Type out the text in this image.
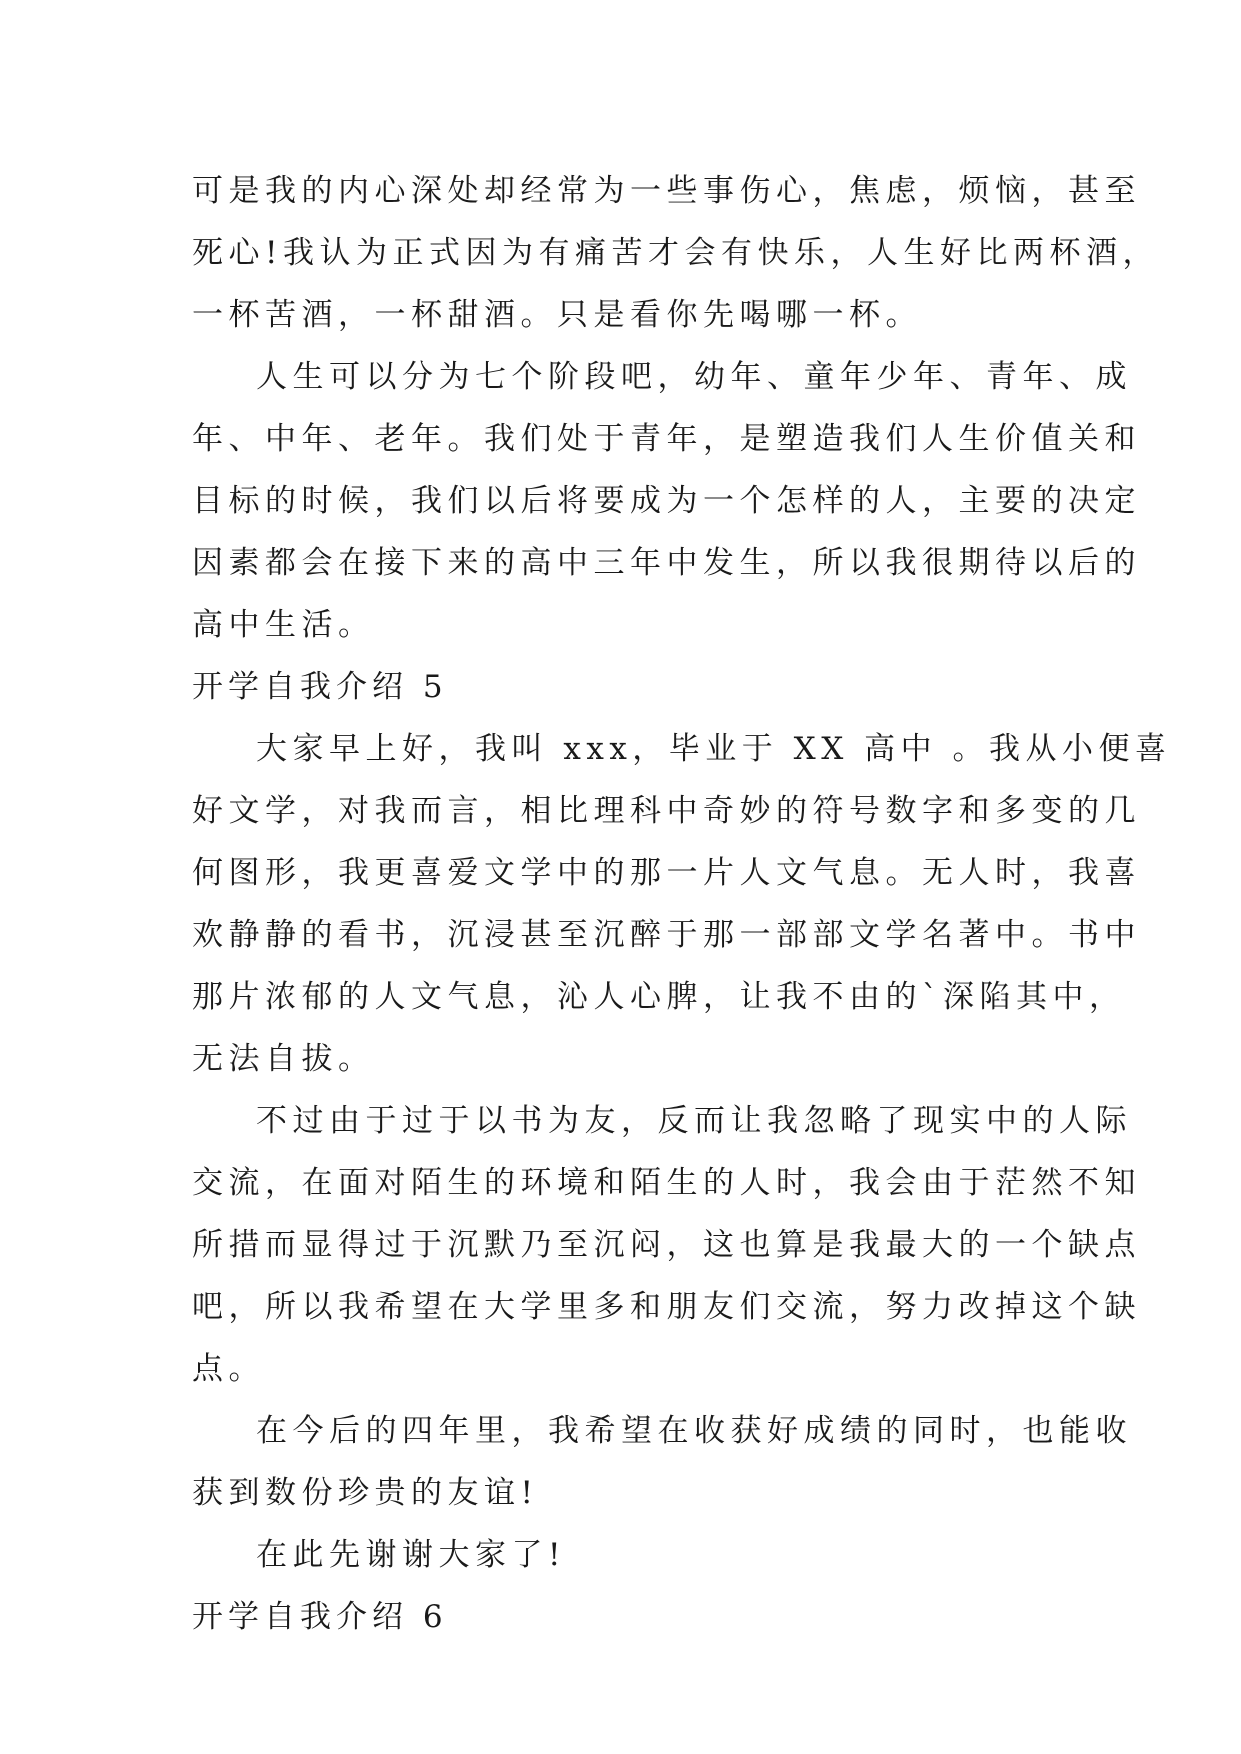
可是我的内心深处却经常为一些事伤心，焦虑，烦恼，甚至
死心!我认为正式因为有痛苦才会有快乐，人生好比两杯酒，
一杯苦酒，一杯甜酒。只是看你先喝哪一杯。
人生可以分为七个阶段吧，幼年、童年少年、青年、成
年、中年、老年。我们处于青年，是塑造我们人生价值关和
目标的时候，我们以后将要成为一个怎样的人，主要的决定
因素都会在接下来的高中三年中发生，所以我很期待以后的
高中生活。
开学自我介绍 5
大家早上好，我叫 xxx，毕业于 XX 高中 。我从小便喜
好文学，对我而言，相比理科中奇妙的符号数字和多变的几
何图形，我更喜爱文学中的那一片人文气息。无人时，我喜
欢静静的看书，沉浸甚至沉醉于那一部部文学名著中。书中
那片浓郁的人文气息，沁人心脾，让我不由的`深陷其中，
无法自拔。
不过由于过于以书为友，反而让我忽略了现实中的人际
交流，在面对陌生的环境和陌生的人时，我会由于茫然不知
所措而显得过于沉默乃至沉闷，这也算是我最大的一个缺点
吧，所以我希望在大学里多和朋友们交流，努力改掉这个缺
点。
在今后的四年里，我希望在收获好成绩的同时，也能收
获到数份珍贵的友谊!
在此先谢谢大家了!
开学自我介绍 6
